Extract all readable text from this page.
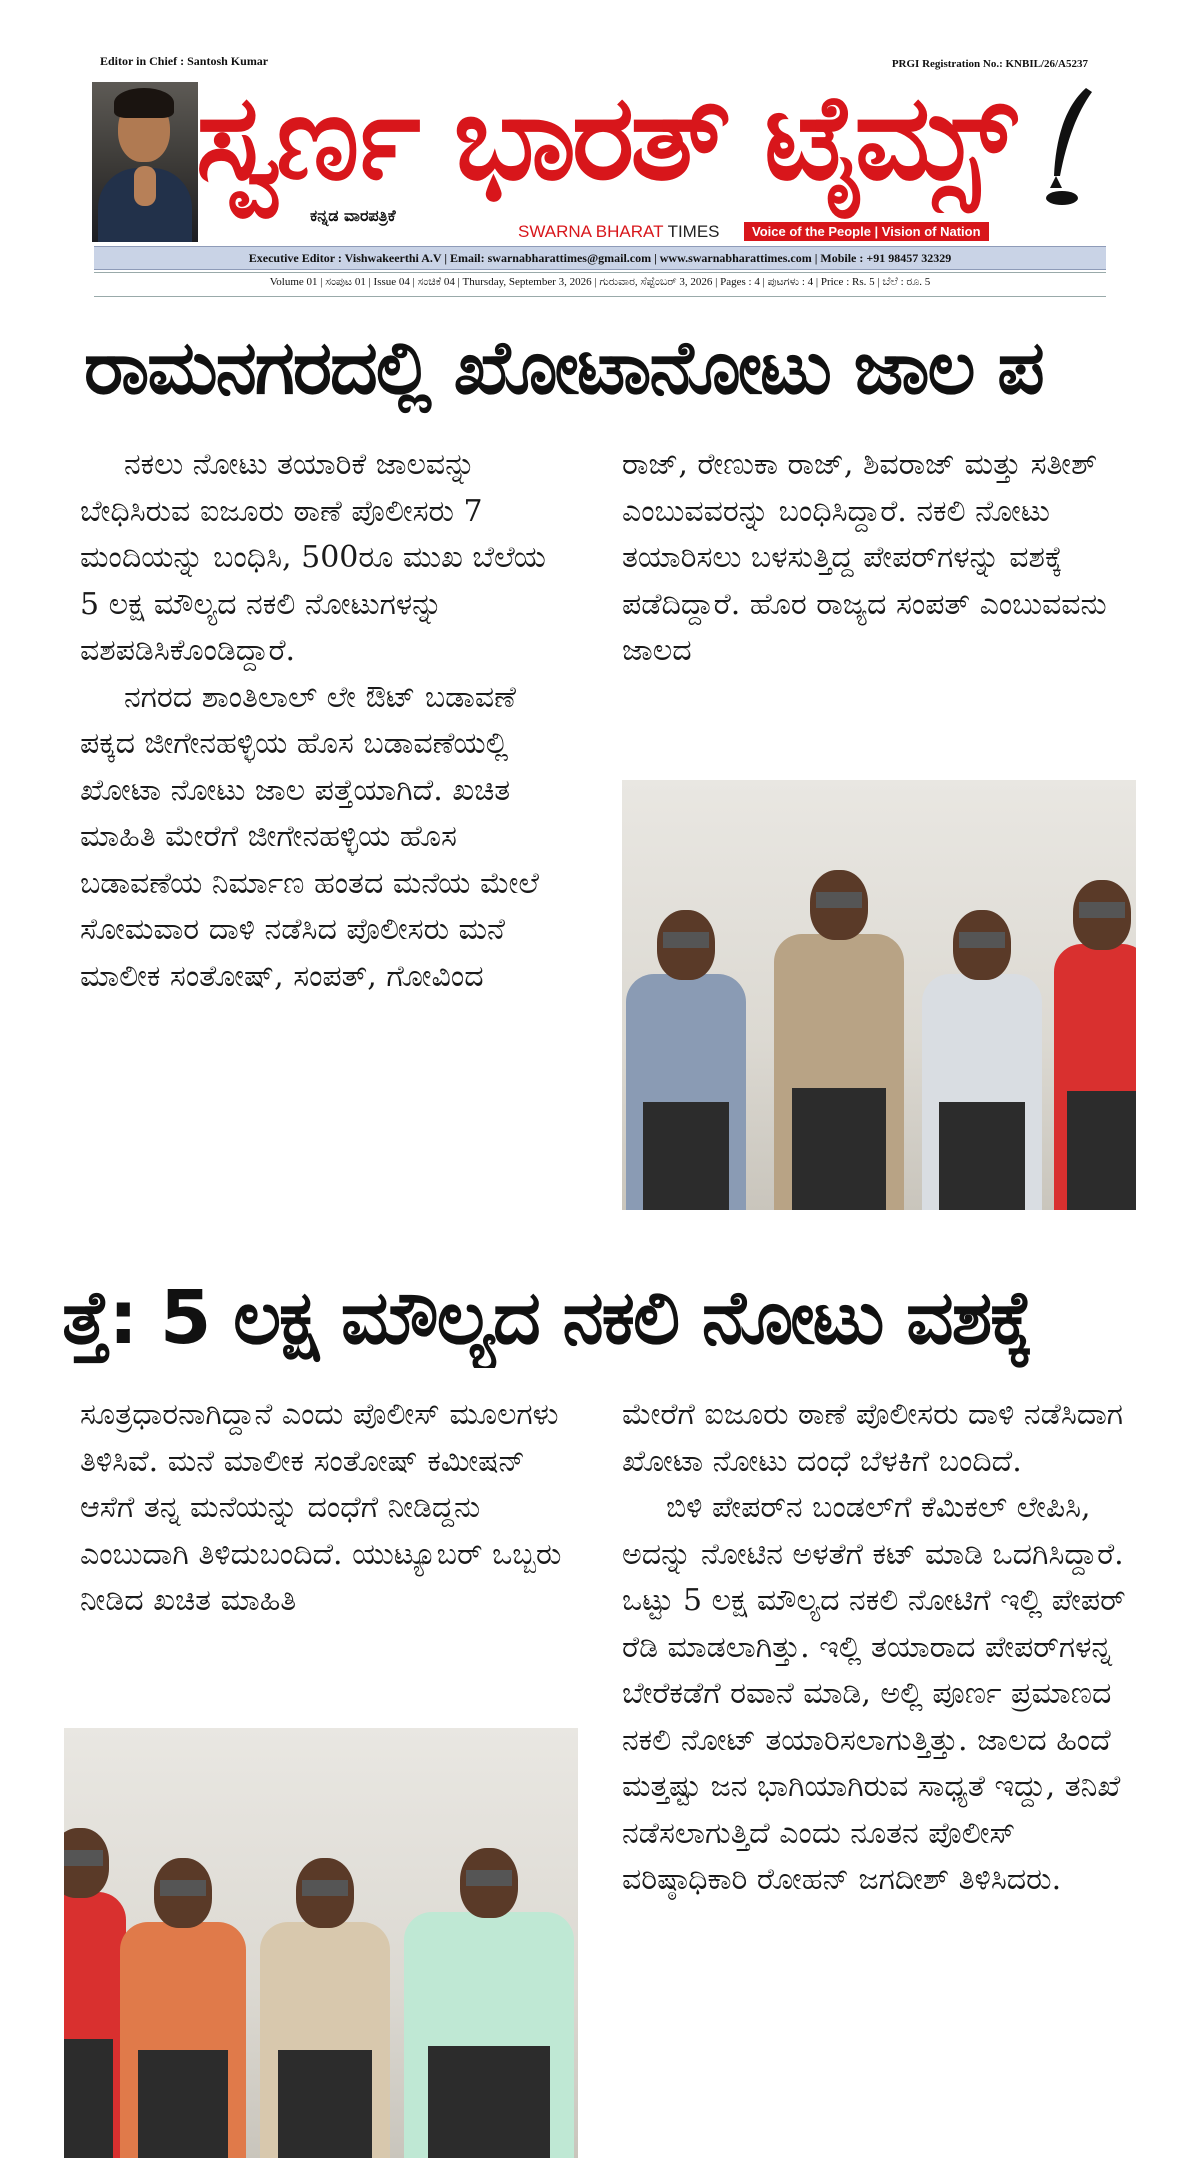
Editor in Chief : Santosh Kumar	PRGI Registration No.: KNBIL/26/A5237
ಸ್ವರ್ಣ ಭಾರತ್ ಟೈಮ್ಸ್
ಕನ್ನಡ ವಾರಪತ್ರಿಕೆ
SWARNA BHARAT TIMES	Voice of the People | Vision of Nation
Executive Editor : Vishwakeerthi A.V | Email: swarnabharattimes@gmail.com | www.swarnabharattimes.com | Mobile : +91 98457 32329
Volume 01 | ಸಂಪುಟ 01 | Issue 04 | ಸಂಚಿಕೆ 04 | Thursday, September 3, 2026 | ಗುರುವಾರ, ಸೆಪ್ಟೆಂಬರ್ 3, 2026 | Pages : 4 | ಪುಟಗಳು : 4 | Price : Rs. 5 | ಬೆಲೆ : ರೂ. 5
ರಾಮನಗರದಲ್ಲಿ ಖೋಟಾನೋಟು ಜಾಲ ಪ

ನಕಲು ನೋಟು ತಯಾರಿಕೆ ಜಾಲವನ್ನು ಬೇಧಿಸಿರುವ ಐಜೂರು ಠಾಣೆ ಪೊಲೀಸರು 7 ಮಂದಿಯನ್ನು ಬಂಧಿಸಿ, 500ರೂ ಮುಖ ಬೆಲೆಯ 5 ಲಕ್ಷ ಮೌಲ್ಯದ ನಕಲಿ ನೋಟುಗಳನ್ನು ವಶಪಡಿಸಿಕೊಂಡಿದ್ದಾರೆ.

ನಗರದ ಶಾಂತಿಲಾಲ್ ಲೇ ಔಟ್ ಬಡಾವಣೆ ಪಕ್ಕದ ಜೀಗೇನಹಳ್ಳಿಯ ಹೊಸ ಬಡಾವಣೆಯಲ್ಲಿ ಖೋಟಾ ನೋಟು ಜಾಲ ಪತ್ತೆಯಾಗಿದೆ. ಖಚಿತ ಮಾಹಿತಿ ಮೇರೆಗೆ ಜೀಗೇನಹಳ್ಳಿಯ ಹೊಸ ಬಡಾವಣೆಯ ನಿರ್ಮಾಣ ಹಂತದ ಮನೆಯ ಮೇಲೆ ಸೋಮವಾರ ದಾಳಿ ನಡೆಸಿದ ಪೊಲೀಸರು ಮನೆ ಮಾಲೀಕ ಸಂತೋಷ್, ಸಂಪತ್, ಗೋವಿಂದ

ರಾಜ್, ರೇಣುಕಾ ರಾಜ್, ಶಿವರಾಜ್ ಮತ್ತು ಸತೀಶ್ ಎಂಬುವವರನ್ನು ಬಂಧಿಸಿದ್ದಾರೆ. ನಕಲಿ ನೋಟು ತಯಾರಿಸಲು ಬಳಸುತ್ತಿದ್ದ ಪೇಪರ್‌ಗಳನ್ನು ವಶಕ್ಕೆ ಪಡೆದಿದ್ದಾರೆ. ಹೊರ ರಾಜ್ಯದ ಸಂಪತ್ ಎಂಬುವವನು ಜಾಲದ

ತ್ತೆ: 5 ಲಕ್ಷ ಮೌಲ್ಯದ ನಕಲಿ ನೋಟು ವಶಕ್ಕೆ

ಸೂತ್ರಧಾರನಾಗಿದ್ದಾನೆ ಎಂದು ಪೊಲೀಸ್ ಮೂಲಗಳು ತಿಳಿಸಿವೆ. ಮನೆ ಮಾಲೀಕ ಸಂತೋಷ್ ಕಮೀಷನ್ ಆಸೆಗೆ ತನ್ನ ಮನೆಯನ್ನು ದಂಧೆಗೆ ನೀಡಿದ್ದನು ಎಂಬುದಾಗಿ ತಿಳಿದುಬಂದಿದೆ. ಯುಟ್ಯೂಬರ್ ಒಬ್ಬರು ನೀಡಿದ ಖಚಿತ ಮಾಹಿತಿ

ಮೇರೆಗೆ ಐಜೂರು ಠಾಣೆ ಪೊಲೀಸರು ದಾಳಿ ನಡೆಸಿದಾಗ ಖೋಟಾ ನೋಟು ದಂಧೆ ಬೆಳಕಿಗೆ ಬಂದಿದೆ.

ಬಿಳಿ ಪೇಪರ್‌ನ ಬಂಡಲ್‌ಗೆ ಕೆಮಿಕಲ್ ಲೇಪಿಸಿ, ಅದನ್ನು ನೋಟಿನ ಅಳತೆಗೆ ಕಟ್ ಮಾಡಿ ಒದಗಿಸಿದ್ದಾರೆ. ಒಟ್ಟು 5 ಲಕ್ಷ ಮೌಲ್ಯದ ನಕಲಿ ನೋಟಿಗೆ ಇಲ್ಲಿ ಪೇಪರ್ ರೆಡಿ ಮಾಡಲಾಗಿತ್ತು. ಇಲ್ಲಿ ತಯಾರಾದ ಪೇಪರ್‌ಗಳನ್ನ ಬೇರೆಕಡೆಗೆ ರವಾನೆ ಮಾಡಿ, ಅಲ್ಲಿ ಪೂರ್ಣ ಪ್ರಮಾಣದ ನಕಲಿ ನೋಟ್ ತಯಾರಿಸಲಾಗುತ್ತಿತ್ತು. ಜಾಲದ ಹಿಂದೆ ಮತ್ತಷ್ಟು ಜನ ಭಾಗಿಯಾಗಿರುವ ಸಾಧ್ಯತೆ ಇದ್ದು, ತನಿಖೆ ನಡೆಸಲಾಗುತ್ತಿದೆ ಎಂದು ನೂತನ ಪೊಲೀಸ್ ವರಿಷ್ಠಾಧಿಕಾರಿ ರೋಹನ್ ಜಗದೀಶ್ ತಿಳಿಸಿದರು.
